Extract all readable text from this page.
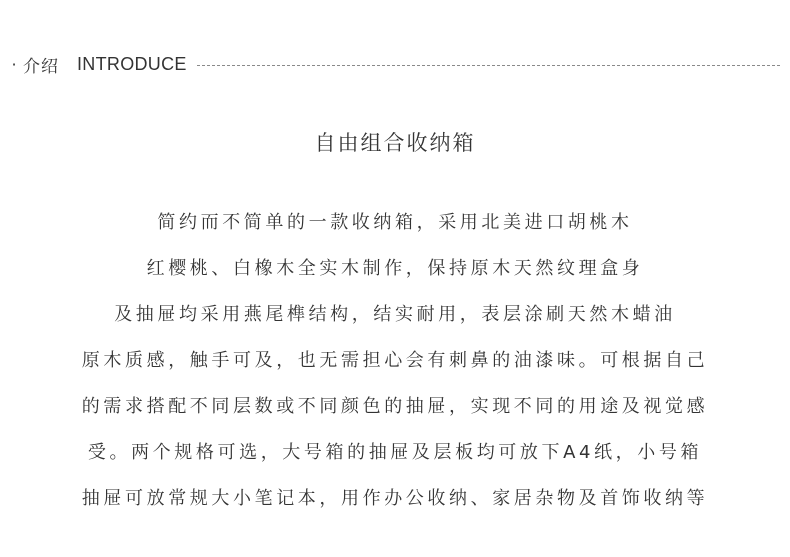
· 介绍 INTRODUCE
自由组合收纳箱
简约而不简单的一款收纳箱，采用北美进口胡桃木
红樱桃、白橡木全实木制作，保持原木天然纹理盒身
及抽屉均采用燕尾榫结构，结实耐用，表层涂刷天然木蜡油
原木质感，触手可及，也无需担心会有刺鼻的油漆味。可根据自己
的需求搭配不同层数或不同颜色的抽屉，实现不同的用途及视觉感
受。两个规格可选，大号箱的抽屉及层板均可放下A4纸，小号箱
抽屉可放常规大小笔记本，用作办公收纳、家居杂物及首饰收纳等
